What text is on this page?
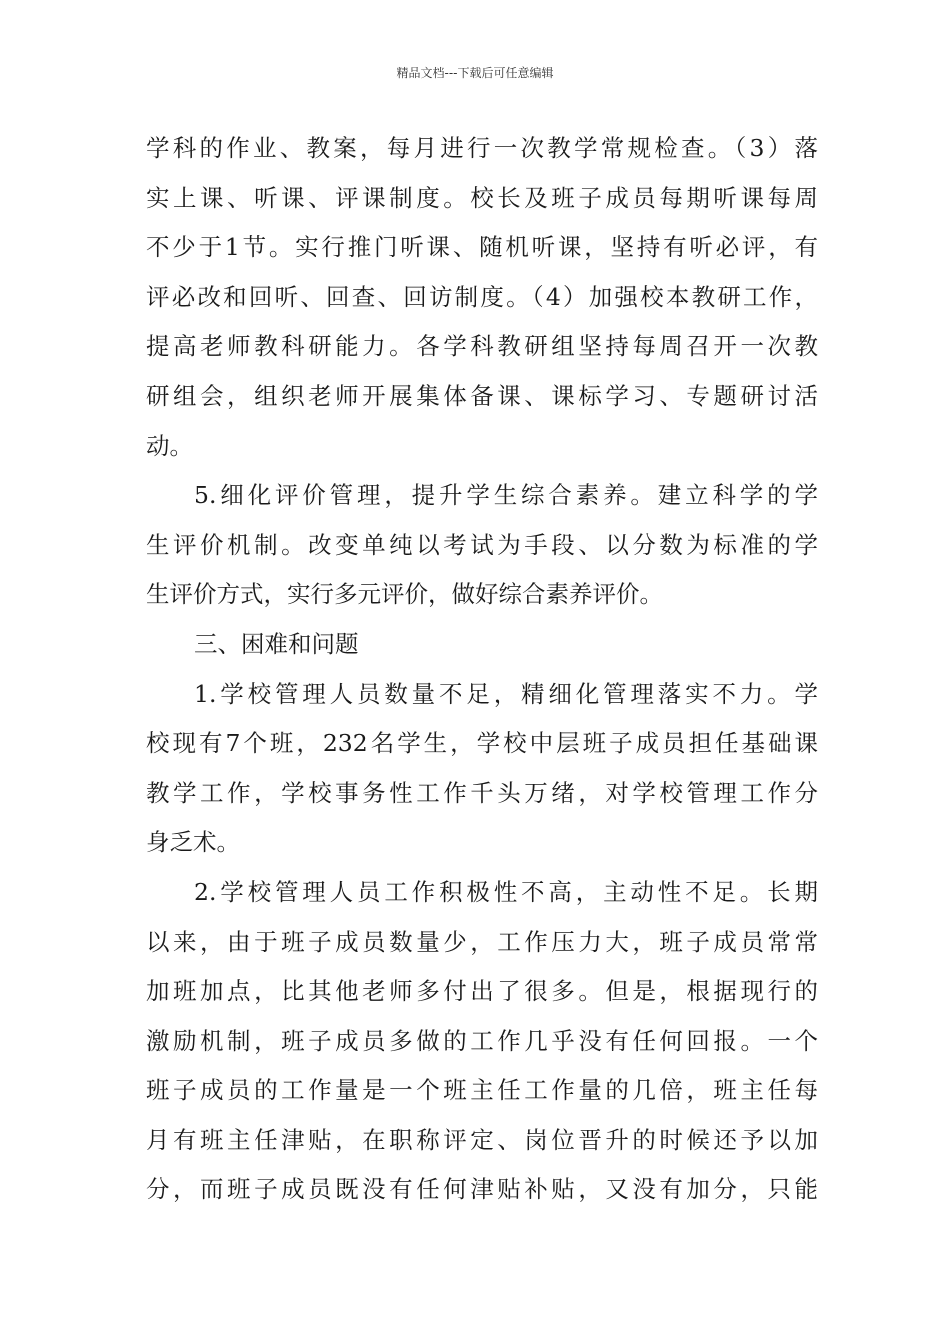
精品文档---下载后可任意编辑
学科的作业、教案，每月进行一次教学常规检查。（3）落
实上课、听课、评课制度。校长及班子成员每期听课每周
不少于1节。实行推门听课、随机听课，坚持有听必评，有
评必改和回听、回查、回访制度。（4）加强校本教研工作，
提高老师教科研能力。各学科教研组坚持每周召开一次教
研组会，组织老师开展集体备课、课标学习、专题研讨活
动。
5.细化评价管理，提升学生综合素养。建立科学的学
生评价机制。改变单纯以考试为手段、以分数为标准的学
生评价方式，实行多元评价，做好综合素养评价。
三、困难和问题
1.学校管理人员数量不足，精细化管理落实不力。学
校现有7个班，232名学生，学校中层班子成员担任基础课
教学工作，学校事务性工作千头万绪，对学校管理工作分
身乏术。
2.学校管理人员工作积极性不高，主动性不足。长期
以来，由于班子成员数量少，工作压力大，班子成员常常
加班加点，比其他老师多付出了很多。但是，根据现行的
激励机制，班子成员多做的工作几乎没有任何回报。一个
班子成员的工作量是一个班主任工作量的几倍，班主任每
月有班主任津贴，在职称评定、岗位晋升的时候还予以加
分，而班子成员既没有任何津贴补贴，又没有加分，只能
